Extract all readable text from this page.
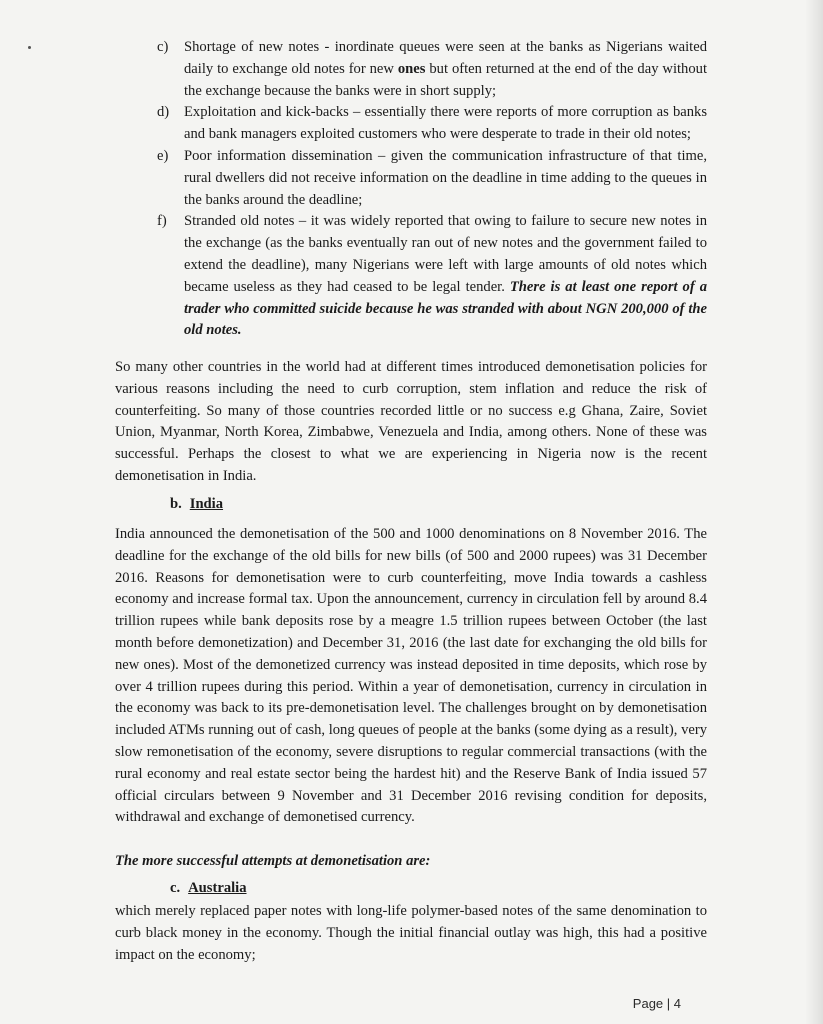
c) Shortage of new notes - inordinate queues were seen at the banks as Nigerians waited daily to exchange old notes for new ones but often returned at the end of the day without the exchange because the banks were in short supply;
d) Exploitation and kick-backs – essentially there were reports of more corruption as banks and bank managers exploited customers who were desperate to trade in their old notes;
e) Poor information dissemination – given the communication infrastructure of that time, rural dwellers did not receive information on the deadline in time adding to the queues in the banks around the deadline;
f) Stranded old notes – it was widely reported that owing to failure to secure new notes in the exchange (as the banks eventually ran out of new notes and the government failed to extend the deadline), many Nigerians were left with large amounts of old notes which became useless as they had ceased to be legal tender. There is at least one report of a trader who committed suicide because he was stranded with about NGN 200,000 of the old notes.

So many other countries in the world had at different times introduced demonetisation policies for various reasons including the need to curb corruption, stem inflation and reduce the risk of counterfeiting. So many of those countries recorded little or no success e.g Ghana, Zaire, Soviet Union, Myanmar, North Korea, Zimbabwe, Venezuela and India, among others. None of these was successful. Perhaps the closest to what we are experiencing in Nigeria now is the recent demonetisation in India.

b. India

India announced the demonetisation of the 500 and 1000 denominations on 8 November 2016. The deadline for the exchange of the old bills for new bills (of 500 and 2000 rupees) was 31 December 2016. Reasons for demonetisation were to curb counterfeiting, move India towards a cashless economy and increase formal tax. Upon the announcement, currency in circulation fell by around 8.4 trillion rupees while bank deposits rose by a meagre 1.5 trillion rupees between October (the last month before demonetization) and December 31, 2016 (the last date for exchanging the old bills for new ones). Most of the demonetized currency was instead deposited in time deposits, which rose by over 4 trillion rupees during this period. Within a year of demonetisation, currency in circulation in the economy was back to its pre-demonetisation level. The challenges brought on by demonetisation included ATMs running out of cash, long queues of people at the banks (some dying as a result), very slow remonetisation of the economy, severe disruptions to regular commercial transactions (with the rural economy and real estate sector being the hardest hit) and the Reserve Bank of India issued 57 official circulars between 9 November and 31 December 2016 revising condition for deposits, withdrawal and exchange of demonetised currency.

The more successful attempts at demonetisation are:
c. Australia

which merely replaced paper notes with long-life polymer-based notes of the same denomination to curb black money in the economy. Though the initial financial outlay was high, this had a positive impact on the economy;

Page | 4
